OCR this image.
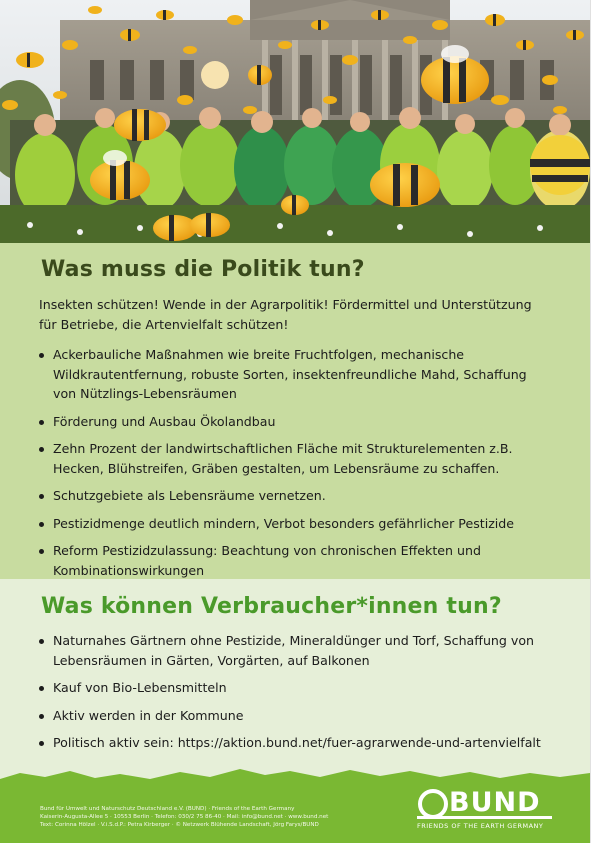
Was muss die Politik tun?
Insekten schützen! Wende in der Agrarpolitik! Fördermittel und Unterstützung für Betriebe, die Artenvielfalt schützen!
Ackerbauliche Maßnahmen wie breite Fruchtfolgen, mechanische Wildkrautentfernung, robuste Sorten, insektenfreundliche Mahd, Schaffung von Nützlings-Lebensräumen
Förderung und Ausbau Ökolandbau
Zehn Prozent der landwirtschaftlichen Fläche mit Strukturelementen z.B. Hecken, Blühstreifen, Gräben gestalten, um Lebensräume zu schaffen.
Schutzgebiete als Lebensräume vernetzen.
Pestizidmenge deutlich mindern, Verbot besonders gefährlicher Pestizide
Reform Pestizidzulassung: Beachtung von chronischen Effekten und Kombinationswirkungen
Was können Verbraucher*innen tun?
Naturnahes Gärtnern ohne Pestizide, Mineraldünger und Torf, Schaffung von Lebensräumen in Gärten, Vorgärten, auf Balkonen
Kauf von Bio-Lebensmitteln
Aktiv werden in der Kommune
Politisch aktiv sein: https://aktion.bund.net/fuer-agrarwende-und-artenvielfalt
Bund für Umwelt und Naturschutz Deutschland e.V. (BUND) · Friends of the Earth Germany
Kaiserin-Augusta-Allee 5 · 10553 Berlin · Telefon: 030/2 75 86-40 · Mail: info@bund.net · www.bund.net
Text: Corinna Hölzel · V.i.S.d.P.: Petra Kirberger · © Netzwerk Blühende Landschaft, Jörg Farys/BUND
BUND
FRIENDS OF THE EARTH GERMANY
